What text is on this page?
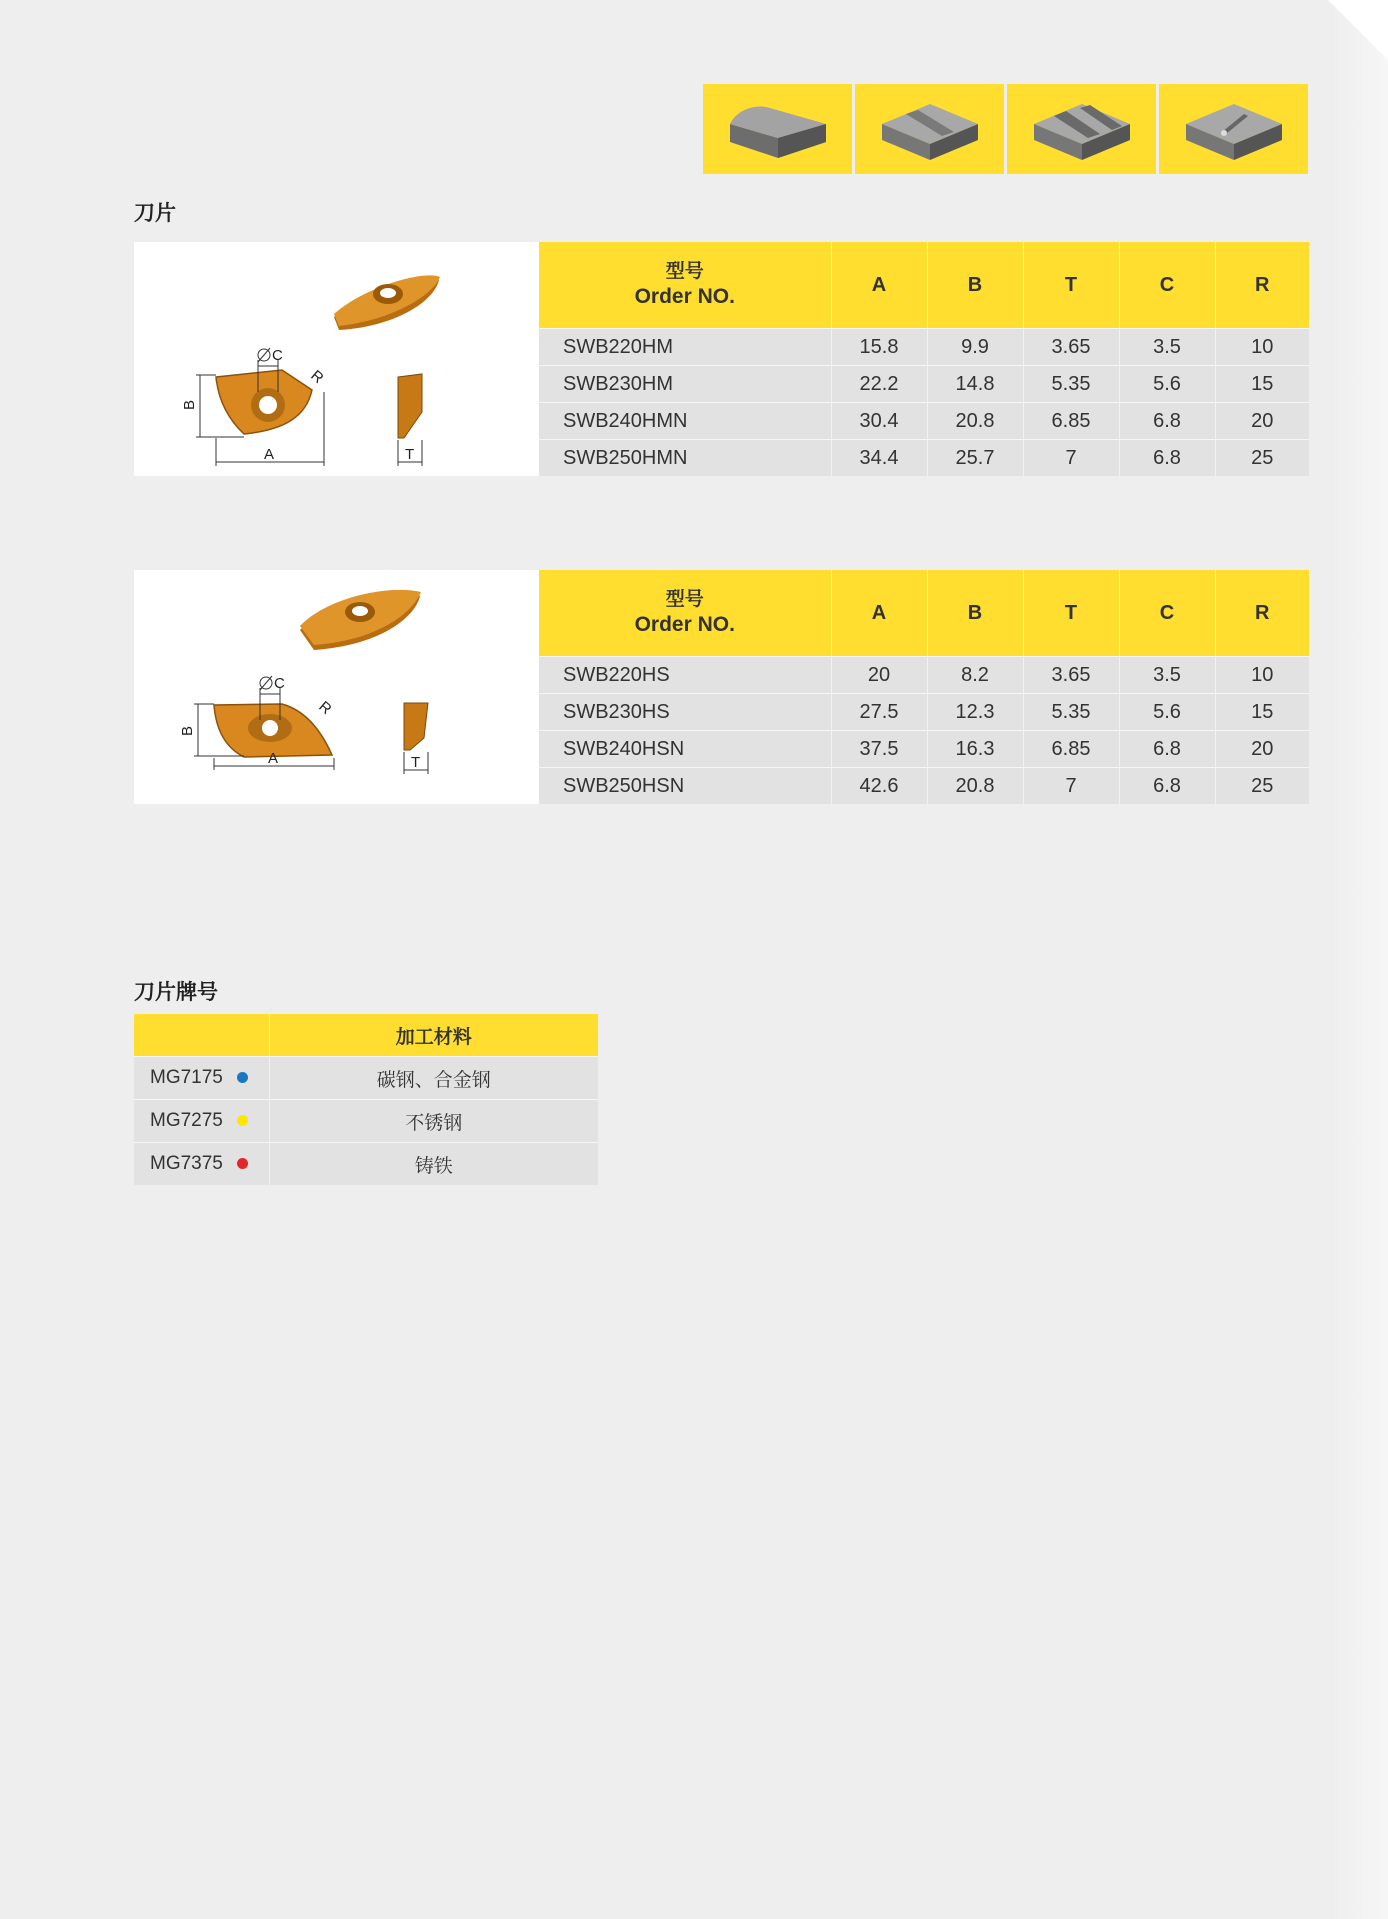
刀片
C
R
B
A	T
型号
Order NO.	A	B	T	C	R
SWB220HM	15.8	9.9	3.65	3.5	10
SWB230HM	22.2	14.8	5.35	5.6	15
SWB240HMN	30.4	20.8	6.85	6.8	20
SWB250HMN	34.4	25.7	7	6.8	25
C
R
B
A	T
型号
Order NO.	A	B	T	C	R
SWB220HS	20	8.2	3.65	3.5	10
SWB230HS	27.5	12.3	5.35	5.6	15
SWB240HSN	37.5	16.3	6.85	6.8	20
SWB250HSN	42.6	20.8	7	6.8	25
刀片牌号
	加工材料
MG7175	碳钢、合金钢
MG7275	不锈钢
MG7375	铸铁
